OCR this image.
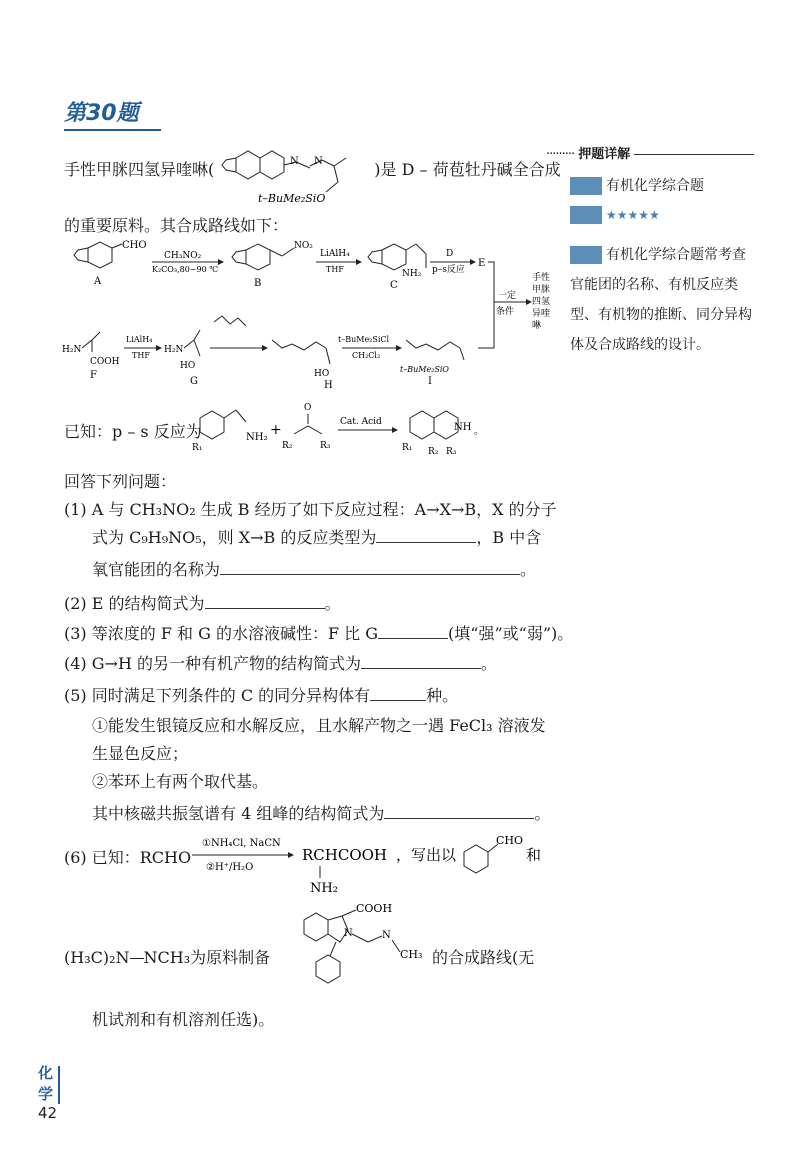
第30题
手性甲脒四氢异喹啉(	)是 D – 荷苞牡丹碱全合成
N N
t–BuMe₂SiO
的重要原料。其合成路线如下：
CHO
A
CH₃NO₂
K₂CO₃,80~90 ℃
NO₂
B
LiAlH₄
THF	NH₂
C
D
p–s反应
E
一定
条件
手性
甲脒
四氢
异喹
啉
H₂N
COOH
F
LiAlH₄
THF
H₂N
HO
G
HO
H
t–BuMe₂SiCl
CH₂Cl₂
t–BuMe₂SiO
I
已知：p – s 反应为	NH₂
R₁
+
O
R₂	R₃
Cat. Acid	NH 。
R₁ R₂ R₃
回答下列问题：
(1) A 与 CH₃NO₂ 生成 B 经历了如下反应过程：A→X→B，X 的分子
式为 C₉H₉NO₅，则 X→B 的反应类型为	，B 中含
氧官能团的名称为	。
(2) E 的结构简式为	。
(3) 等浓度的 F 和 G 的水溶液碱性：F 比 G	(填“强”或“弱”)。
(4) G→H 的另一种有机产物的结构简式为	。
(5) 同时满足下列条件的 C 的同分异构体有	种。
①能发生银镜反应和水解反应，且水解产物之一遇 FeCl₃ 溶液发
生显色反应；
②苯环上有两个取代基。
其中核磁共振氢谱有 4 组峰的结构简式为	。
(6) 已知：RCHO
①NH₄Cl, NaCN
②H⁺/H₂O
RCHCOOH
NH₂
，写出以
CHO
和
(H₃C)₂N NCH₃为原料制备
COOH
N	N
CH₃ 的合成路线(无
机试剂和有机溶剂任选)。
········· 押题详解
有机化学综合题
★★★★★
有机化学综合题常考查
官能团的名称、有机反应类
型、有机物的推断、同分异构
体及合成路线的设计。
化
学
42
